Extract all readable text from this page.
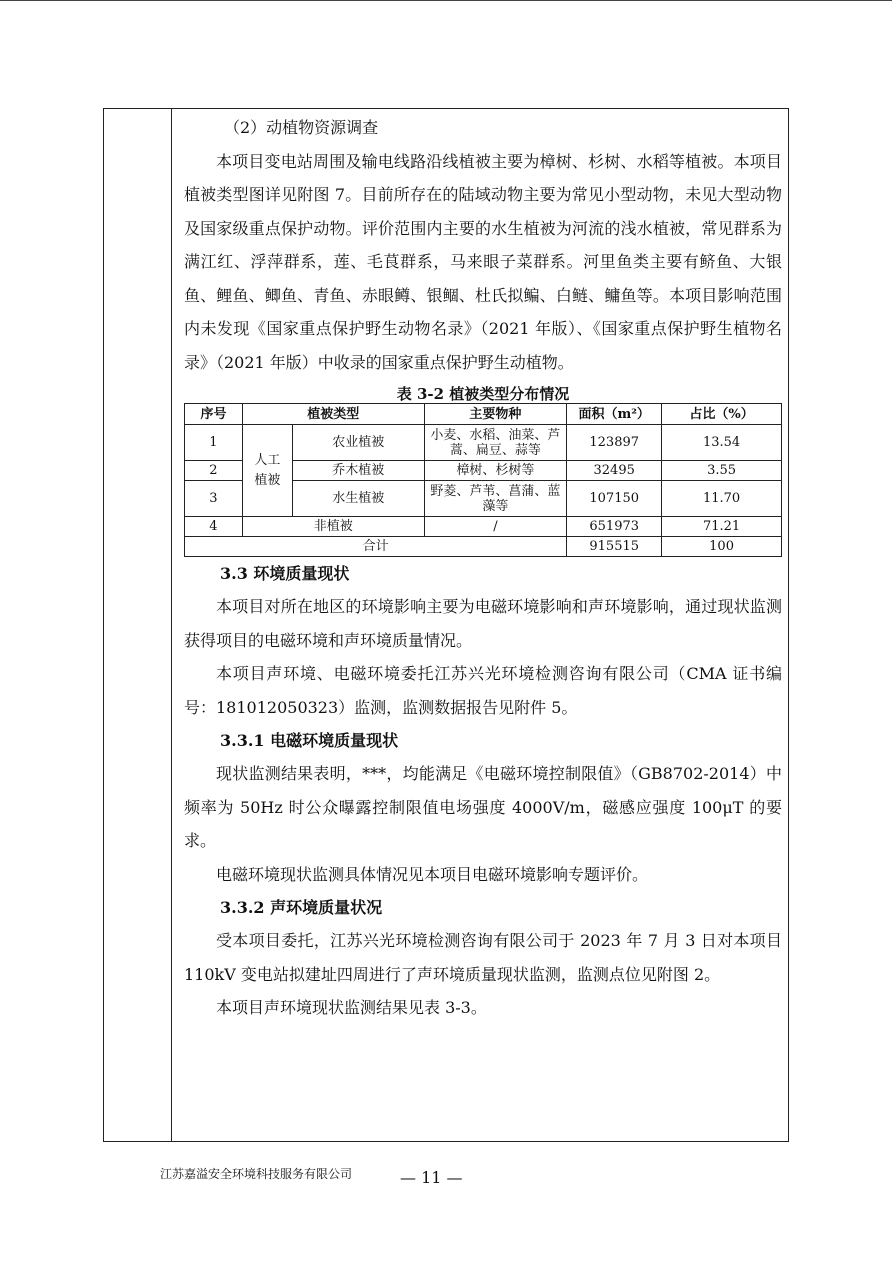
（2）动植物资源调查

本项目变电站周围及输电线路沿线植被主要为樟树、杉树、水稻等植被。本项目植被类型图详见附图 7。目前所存在的陆域动物主要为常见小型动物，未见大型动物及国家级重点保护动物。评价范围内主要的水生植被为河流的浅水植被，常见群系为满江红、浮萍群系，莲、毛茛群系，马来眼子菜群系。河里鱼类主要有鲚鱼、大银鱼、鲤鱼、鲫鱼、青鱼、赤眼鳟、银鲴、杜氏拟鳊、白鲢、鳙鱼等。本项目影响范围内未发现《国家重点保护野生动物名录》（2021 年版）、《国家重点保护野生植物名录》（2021 年版）中收录的国家重点保护野生动植物。

表 3-2 植被类型分布情况
序号	植被类型		主要物种	面积（m²）	占比（%）
1	人工植被	农业植被	小麦、水稻、油菜、芦蒿、扁豆、蒜等	123897	13.54
2		乔木植被	樟树、杉树等	32495	3.55
3		水生植被	野菱、芦苇、菖蒲、蓝藻等	107150	11.70
4	非植被		/	651973	71.21
合计				915515	100

3.3 环境质量现状

本项目对所在地区的环境影响主要为电磁环境影响和声环境影响，通过现状监测获得项目的电磁环境和声环境质量情况。

本项目声环境、电磁环境委托江苏兴光环境检测咨询有限公司（CMA 证书编号：181012050323）监测，监测数据报告见附件 5。

3.3.1 电磁环境质量现状

现状监测结果表明，***，均能满足《电磁环境控制限值》（GB8702-2014）中频率为 50Hz 时公众曝露控制限值电场强度 4000V/m，磁感应强度 100μT 的要求。

电磁环境现状监测具体情况见本项目电磁环境影响专题评价。

3.3.2 声环境质量状况

受本项目委托，江苏兴光环境检测咨询有限公司于 2023 年 7 月 3 日对本项目 110kV 变电站拟建址四周进行了声环境质量现状监测，监测点位见附图 2。

本项目声环境现状监测结果见表 3-3。

江苏嘉溢安全环境科技服务有限公司	— 11 —
